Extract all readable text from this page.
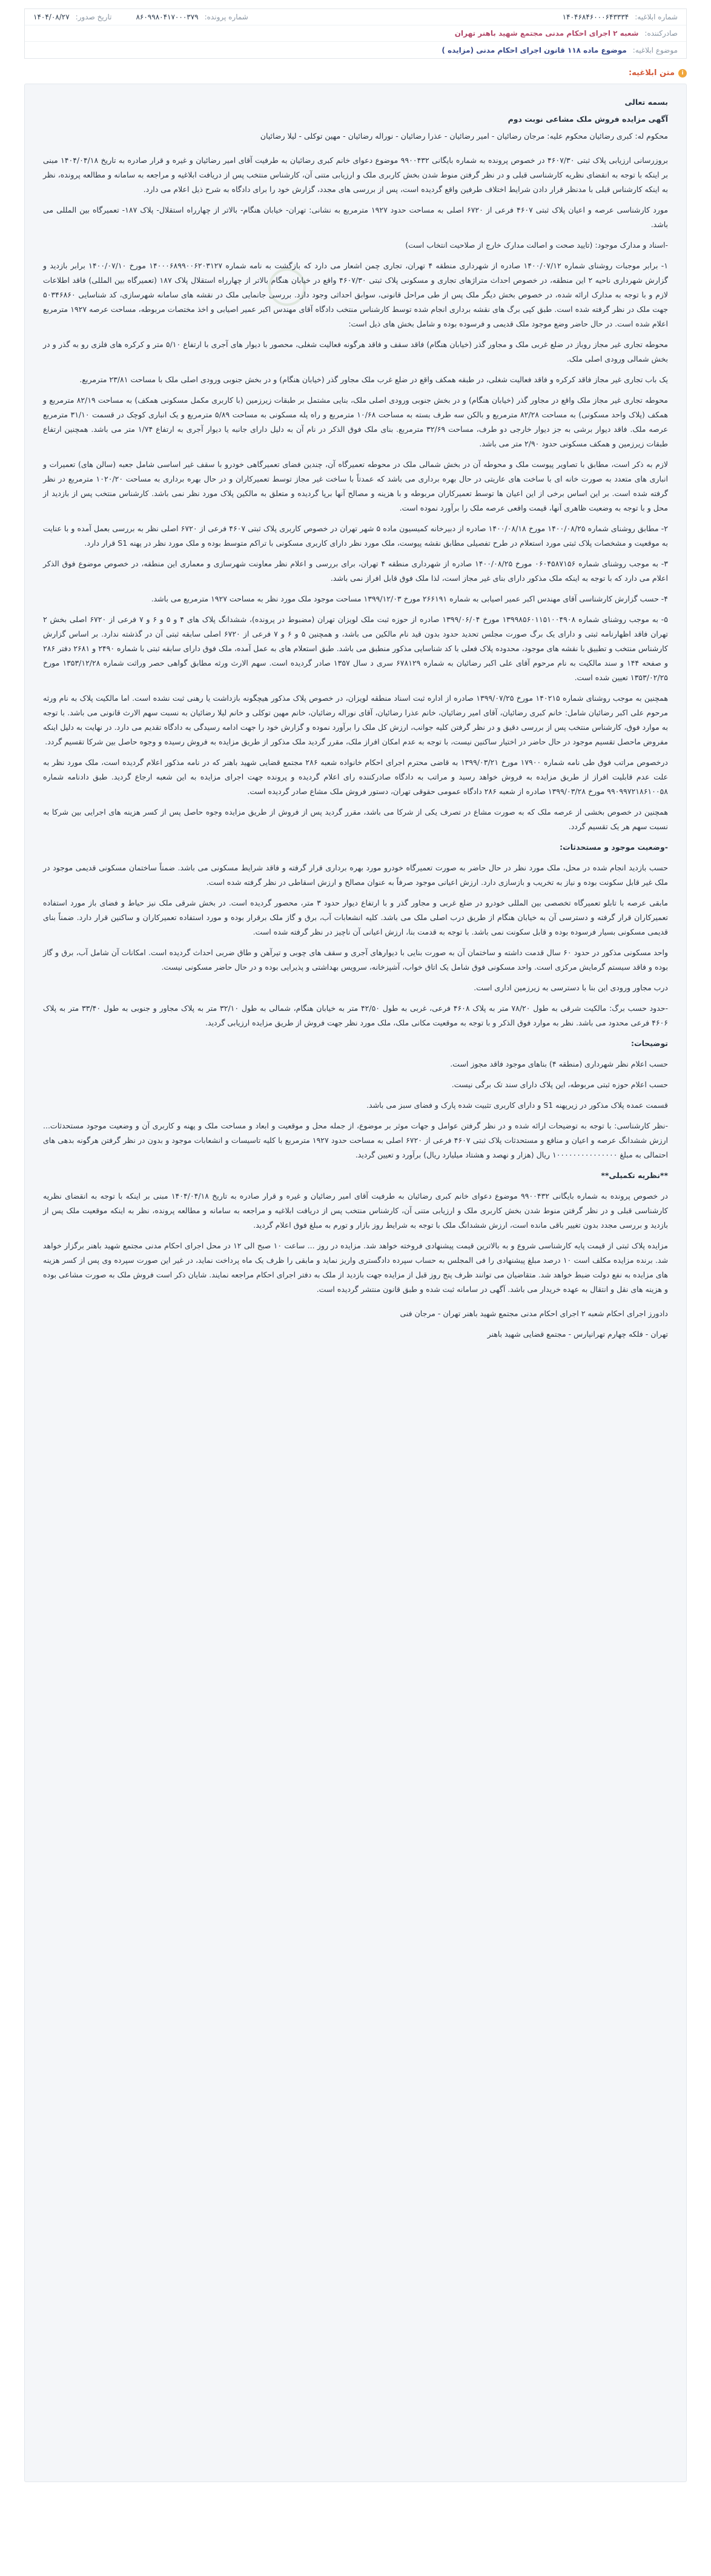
شماره ابلاغیه:
۱۴۰۴۶۸۴۶۰۰۰۶۴۳۳۳۴
شماره پرونده:
۸۶۰۹۹۸۰۴۱۷۰۰۰۳۷۹
تاریخ صدور:
۱۴۰۴/۰۸/۲۷
صادرکننده:
شعبه ۲ اجرای احکام مدنی مجتمع شهید باهنر تهران
موضوع ابلاغیه:
موضوع ماده ۱۱۸ قانون اجرای احکام مدنی (مزایده )
i
متن ابلاغیه:

بسمه تعالی

آگهی مزایده فروش ملک مشاعی نوبت دوم

محکوم له: کبری رضائیان محکوم علیه: مرجان رضائیان - امیر رضائیان - عذرا رضائیان - نوراله رضائیان - مهین توکلی - لیلا رضائیان

بروزرسانی ارزیابی پلاک ثبتی ۴۶۰۷/۳۰ در خصوص پرونده به شماره بایگانی ۹۹۰۰۴۳۲ موضوع دعوای خانم کبری رضائیان به طرفیت آقای امیر رضائیان و غیره و قرار صادره به تاریخ ۱۴۰۴/۰۴/۱۸ مبنی بر اینکه با توجه به انقضای نظریه کارشناسی قبلی و در نظر گرفتن منوط شدن بخش کاربری ملک و ارزیابی متنی آن، کارشناس منتخب پس از دریافت ابلاغیه و مراجعه به سامانه و مطالعه پرونده، نظر به اینکه کارشناس قبلی با مدنظر قرار دادن شرایط اختلاف طرفین واقع گردیده است، پس از بررسی های مجدد، گزارش خود را برای دادگاه به شرح ذیل اعلام می دارد.

مورد کارشناسی عرصه و اعیان پلاک ثبتی ۴۶۰۷ فرعی از ۶۷۲۰ اصلی به مساحت حدود ۱۹۲۷ مترمربع به نشانی: تهران- خیابان هنگام- بالاتر از چهارراه استقلال- پلاک ۱۸۷- تعمیرگاه بین المللی می باشد.

-اسناد و مدارک موجود: (تایید صحت و اصالت مدارک خارج از صلاحیت انتخاب است)

۱- برابر موجبات روشنای شماره ۱۴۰۰/۰۷/۱۲ صادره از شهرداری منطقه ۴ تهران، تجاری چمن اشعار می دارد که بازگشت به نامه شماره ۱۴۰۰۰۶۸۹۹۰۰۶۲۰۳۱۲۷ مورخ ۱۴۰۰/۰۷/۱۰ برابر بازدید و گزارش شهرداری ناحیه ۲ این منطقه، در خصوص احداث مترا‌ژهای تجاری و مسکونی پلاک ثبتی ۴۶۰۷/۳۰ واقع در خیابان هنگام بالاتر از چهارراه استقلال پلاک ۱۸۷ (تعمیرگاه بین المللی) فاقد اطلاعات لازم و با توجه به مدارک ارائه شده، در خصوص بخش دیگر ملک پس از طی مراحل قانونی، سوابق احداثی وجود دارد. بررسی جانمایی ملک در نقشه های سامانه شهرسازی، کد شناسایی ۵۰۳۴۶۸۶۰ جهت ملک در نظر گرفته شده است. طبق کپی برگ های نقشه برداری انجام شده توسط کارشناس منتخب دادگاه آقای مهندس اکبر عمیر اصیابی و اخذ مختصات مربوطه، مساحت عرصه ۱۹۲۷ مترمربع اعلام شده است. در حال حاضر وضع موجود ملک قدیمی و فرسوده بوده و شامل بخش های ذیل است:

محوطه تجاری غیر مجاز روباز در ضلع غربی ملک و مجاور گذر (خیابان هنگام) فاقد سقف و فاقد هرگونه فعالیت شغلی، محصور با دیوار های آجری با ارتفاع ۵/۱۰ متر و کرکره های فلزی رو به گذر و در بخش شمالی ورودی اصلی ملک.

یک باب تجاری غیر مجاز فاقد کرکره و فاقد فعالیت شغلی، در طبقه همکف واقع در ضلع غرب ملک مجاور گذر (خیابان هنگام) و در بخش جنوبی ورودی اصلی ملک با مساحت ۲۳/۸۱ مترمربع.

محوطه تجاری غیر مجاز ملک واقع در مجاور گذر (خیابان هنگام) و در بخش جنوبی ورودی اصلی ملک، بنایی مشتمل بر طبقات زیرزمین (با کاربری مکمل مسکونی همکف) به مساحت ۸۲/۱۹ مترمربع و همکف (پلاک واحد مسکونی) به مساحت ۸۲/۲۸ مترمربع و بالکن سه طرف بسته به مساحت ۱۰/۶۸ مترمربع و راه پله مسکونی به مساحت ۵/۸۹ مترمربع و یک انباری کوچک در قسمت ۳۱/۱۰ مترمربع عرصه ملک. فاقد دیوار برشی به جز دیوار خارجی دو طرف، مساحت ۳۲/۶۹ مترمربع. بنای ملک فوق الذکر در نام آن به دلیل دارای جانبه یا دیوار آجری به ارتفاع ۱/۷۴ متر می باشد. همچنین ارتفاع طبقات زیرزمین و همکف مسکونی حدود ۲/۹۰ متر می باشد.

لازم به ذکر است، مطابق با تصاویر پیوست ملک و محوطه آن در بخش شمالی ملک در محوطه تعمیرگاه آن، چندین فضای تعمیرگاهی خودرو با سقف غیر اساسی شامل جعبه (سالن های) تعمیرات و انباری های متعدد به صورت خانه ای با ساخت های عاریتی در حال بهره برداری می باشد که عمدتاً با ساخت غیر مجاز توسط تعمیرکاران و در حال بهره برداری به مساحت ۱۰۲۰/۲۰ مترمربع در نظر گرفته شده است. بر این اساس برخی از این اعیان ها توسط تعمیرکاران مربوطه و با هزینه و مصالح آنها برپا گردیده و متعلق به مالکین پلاک مورد نظر نمی باشد. کارشناس منتخب پس از بازدید از محل و با توجه به وضعیت ظاهری آنها، قیمت واقعی عرصه ملک را برآورد نموده است.

۲- مطابق روشنای شماره ۱۴۰۰/۰۸/۲۵ مورخ ۱۴۰۰/۰۸/۱۸ صادره از دبیرخانه کمیسیون ماده ۵ شهر تهران در خصوص کاربری پلاک ثبتی ۴۶۰۷ فرعی از ۶۷۲۰ اصلی نظر به بررسی بعمل آمده و با عنایت به موقعیت و مشخصات پلاک ثبتی مورد استعلام در طرح تفصیلی مطابق نقشه پیوست، ملک مورد نظر دارای کاربری مسکونی با تراکم متوسط بوده و ملک مورد نظر در پهنه S1 قرار دارد.

۳- به موجب روشنای شماره ۰۶۰۴۵۸۷۱۵۶ مورخ ۱۴۰۰/۰۸/۲۵ صادره از شهرداری منطقه ۴ تهران، برای بررسی و اعلام نظر معاونت شهرسازی و معماری این منطقه، در خصوص موضوع فوق الذکر اعلام می دارد که با توجه به اینکه ملک مذکور دارای بنای غیر مجاز است، لذا ملک فوق قابل افراز نمی باشد.

۴- حسب گزارش کارشناسی آقای مهندس اکبر عمیر اصیابی به شماره ۲۶۶۱۹۱ مورخ ۱۳۹۹/۱۲/۰۳ مساحت موجود ملک مورد نظر به مساحت ۱۹۲۷ مترمربع می باشد.

۵- به موجب روشنای شماره ۱۳۹۹۸۵۶۰۱۱۵۱۰۰۴۹۰۸ مورخ ۱۳۹۹/۰۶/۰۴ صادره از حوزه ثبت ملک لویزان تهران (مضبوط در پرونده)، ششدانگ پلاک های ۴ و ۵ و ۶ و ۷ فرعی از ۶۷۲۰ اصلی بخش ۲ تهران فاقد اظهارنامه ثبتی و دارای یک برگ صورت مجلس تحدید حدود بدون قید نام مالکین می باشد، و همچنین ۵ و ۶ و ۷ فرعی از ۶۷۲۰ اصلی سابقه ثبتی آن در گذشته ندارد. بر اساس گزارش کارشناس منتخب و تطبیق با نقشه های موجود، محدوده پلاک فعلی با کد شناسایی مذکور منطبق می باشد. طبق استعلام های به عمل آمده، ملک فوق دارای سابقه ثبتی با شماره ۲۴۹۰ و ۲۶۸۱ دفتر ۲۸۶ و صفحه ۱۴۴ و سند مالکیت به نام مرحوم آقای علی اکبر رضائیان به شماره ۶۷۸۱۲۹ سری د سال ۱۳۵۷ صادر گردیده است. سهم الارث ورثه مطابق گواهی حصر وراثت شماره ۱۳۵۳/۱۲/۲۸ مورخ ۱۳۵۳/۰۲/۲۵ تعیین شده است.

همچنین به موجب روشنای شماره ۱۴۰۲۱۵ مورخ ۱۳۹۹/۰۷/۲۵ صادره از اداره ثبت اسناد منطقه لویزان، در خصوص پلاک مذکور هیچگونه بازداشت یا رهنی ثبت نشده است. اما مالکیت پلاک به نام ورثه مرحوم علی اکبر رضائیان شامل: خانم کبری رضائیان، آقای امیر رضائیان، خانم عذرا رضائیان، آقای نوراله رضائیان، خانم مهین توکلی و خانم لیلا رضائیان به نسبت سهم الارث قانونی می باشد. با توجه به موارد فوق، کارشناس منتخب پس از بررسی دقیق و در نظر گرفتن کلیه جوانب، ارزش کل ملک را برآورد نموده و گزارش خود را جهت ادامه رسیدگی به دادگاه تقدیم می دارد. در نهایت به دلیل اینکه مفروض ماحصل تقسیم موجود در حال حاضر در اختیار ساکنین نیست، با توجه به عدم امکان افراز ملک، مقرر گردید ملک مذکور از طریق مزایده به فروش رسیده و وجوه حاصل بین شرکا تقسیم گردد.

درخصوص مراتب فوق طی نامه شماره ۱۷۹۰۰ مورخ ۱۳۹۹/۰۳/۲۱ به قاضی محترم اجرای احکام خانواده شعبه ۲۸۶ مجتمع قضایی شهید باهنر که در نامه مذکور اعلام گردیده است، ملک مورد نظر به علت عدم قابلیت افراز از طریق مزایده به فروش خواهد رسید و مراتب به دادگاه صادرکننده رای اعلام گردیده و پرونده جهت اجرای مزایده به این شعبه ارجاع گردید. طبق دادنامه شماره ۹۹۰۹۹۷۲۱۸۶۱۰۰۵۸ مورخ ۱۳۹۹/۰۳/۲۸ صادره از شعبه ۲۸۶ دادگاه عمومی حقوقی تهران، دستور فروش ملک مشاع صادر گردیده است.

همچنین در خصوص بخشی از عرصه ملک که به صورت مشاع در تصرف یکی از شرکا می باشد، مقرر گردید پس از فروش از طریق مزایده وجوه حاصل پس از کسر هزینه های اجرایی بین شرکا به نسبت سهم هر یک تقسیم گردد.

-وضعیت موجود و مستحدثات:

حسب بازدید انجام شده در محل، ملک مورد نظر در حال حاضر به صورت تعمیرگاه خودرو مورد بهره برداری قرار گرفته و فاقد شرایط مسکونی می باشد. ضمناً ساختمان مسکونی قدیمی موجود در ملک غیر قابل سکونت بوده و نیاز به تخریب و بازسازی دارد. ارزش اعیانی موجود صرفاً به عنوان مصالح و ارزش اسقاطی در نظر گرفته شده است.

مابقی عرصه با تابلو تعمیرگاه تخصصی بین المللی خودرو در ضلع غربی و مجاور گذر و با ارتفاع دیوار حدود ۳ متر، محصور گردیده است. در بخش شرقی ملک نیز حیاط و فضای باز مورد استفاده تعمیرکاران قرار گرفته و دسترسی آن به خیابان هنگام از طریق درب اصلی ملک می باشد. کلیه انشعابات آب، برق و گاز ملک برقرار بوده و مورد استفاده تعمیرکاران و ساکنین قرار دارد. ضمناً بنای قدیمی مسکونی بسیار فرسوده بوده و قابل سکونت نمی باشد. با توجه به قدمت بنا، ارزش اعیانی آن ناچیز در نظر گرفته شده است.

واحد مسکونی مذکور در حدود ۶۰ سال قدمت داشته و ساختمان آن به صورت بنایی با دیوارهای آجری و سقف های چوبی و تیرآهن و طاق ضربی احداث گردیده است. امکانات آن شامل آب، برق و گاز بوده و فاقد سیستم گرمایش مرکزی است. واحد مسکونی فوق شامل یک اتاق خواب، آشپزخانه، سرویس بهداشتی و پذیرایی بوده و در حال حاضر مسکونی نیست.

درب مجاور ورودی این بنا با دسترسی به زیرزمین اداری است.

-حدود حسب برگ: مالکیت شرقی به طول ۷۸/۲۰ متر به پلاک ۴۶۰۸ فرعی، غربی به طول ۴۲/۵۰ متر به خیابان هنگام، شمالی به طول ۳۲/۱۰ متر به پلاک مجاور و جنوبی به طول ۳۳/۴۰ متر به پلاک ۴۶۰۶ فرعی محدود می باشد. نظر به موارد فوق الذکر و با توجه به موقعیت مکانی ملک، ملک مورد نظر جهت فروش از طریق مزایده ارزیابی گردید.

توضیحات:

حسب اعلام نظر شهرداری (منطقه ۴) بناهای موجود فاقد مجوز است.

حسب اعلام حوزه ثبتی مربوطه، این پلاک دارای سند تک برگی نیست.

قسمت عمده پلاک مذکور در زیرپهنه S1 و دارای کاربری تثبیت شده پارک و فضای سبز می باشد.

-نظر کارشناسی: با توجه به توضیحات ارائه شده و در نظر گرفتن عوامل و جهات موثر بر موضوع، از جمله محل و موقعیت و ابعاد و مساحت ملک و پهنه و کاربری آن و وضعیت موجود مستحدثات... ارزش ششدانگ عرصه و اعیان و منافع و مستحدثات پلاک ثبتی ۴۶۰۷ فرعی از ۶۷۲۰ اصلی به مساحت حدود ۱۹۲۷ مترمربع با کلیه تاسیسات و انشعابات موجود و بدون در نظر گرفتن هرگونه بدهی های احتمالی به مبلغ ۱۰۰۰۰۰۰۰۰۰۰۰۰۰۰۰ ریال (هزار و نهصد و هشتاد میلیارد ریال) برآورد و تعیین گردید.

**نظریه تکمیلی**

در خصوص پرونده به شماره بایگانی ۹۹۰۰۴۳۲ موضوع دعوای خانم کبری رضائیان به طرفیت آقای امیر رضائیان و غیره و قرار صادره به تاریخ ۱۴۰۴/۰۴/۱۸ مبنی بر اینکه با توجه به انقضای نظریه کارشناسی قبلی و در نظر گرفتن منوط شدن بخش کاربری ملک و ارزیابی متنی آن، کارشناس منتخب پس از دریافت ابلاغیه و مراجعه به سامانه و مطالعه پرونده، نظر به اینکه موقعیت ملک پس از بازدید و بررسی مجدد بدون تغییر باقی مانده است، ارزش ششدانگ ملک با توجه به شرایط روز بازار و تورم به مبلغ فوق اعلام گردید.

مزایده پلاک ثبتی از قیمت پایه کارشناسی شروع و به بالاترین قیمت پیشنهادی فروخته خواهد شد. مزایده در روز ... ساعت ۱۰ صبح الی ۱۲ در محل اجرای احکام مدنی مجتمع شهید باهنر برگزار خواهد شد. برنده مزایده مکلف است ۱۰ درصد مبلغ پیشنهادی را فی المجلس به حساب سپرده دادگستری واریز نماید و مابقی را ظرف یک ماه پرداخت نماید، در غیر این صورت سپرده وی پس از کسر هزینه های مزایده به نفع دولت ضبط خواهد شد. متقاضیان می توانند ظرف پنج روز قبل از مزایده جهت بازدید از ملک به دفتر اجرای احکام مراجعه نمایند. شایان ذکر است فروش ملک به صورت مشاعی بوده و هزینه های نقل و انتقال به عهده خریدار می باشد. آگهی در سامانه ثبت شده و طبق قانون منتشر گردیده است.

دادورز اجرای احکام شعبه ۲ اجرای احکام مدنی مجتمع شهید باهنر تهران - مرجان فنی

تهران - فلکه چهارم تهرانپارس - مجتمع قضایی شهید باهنر
